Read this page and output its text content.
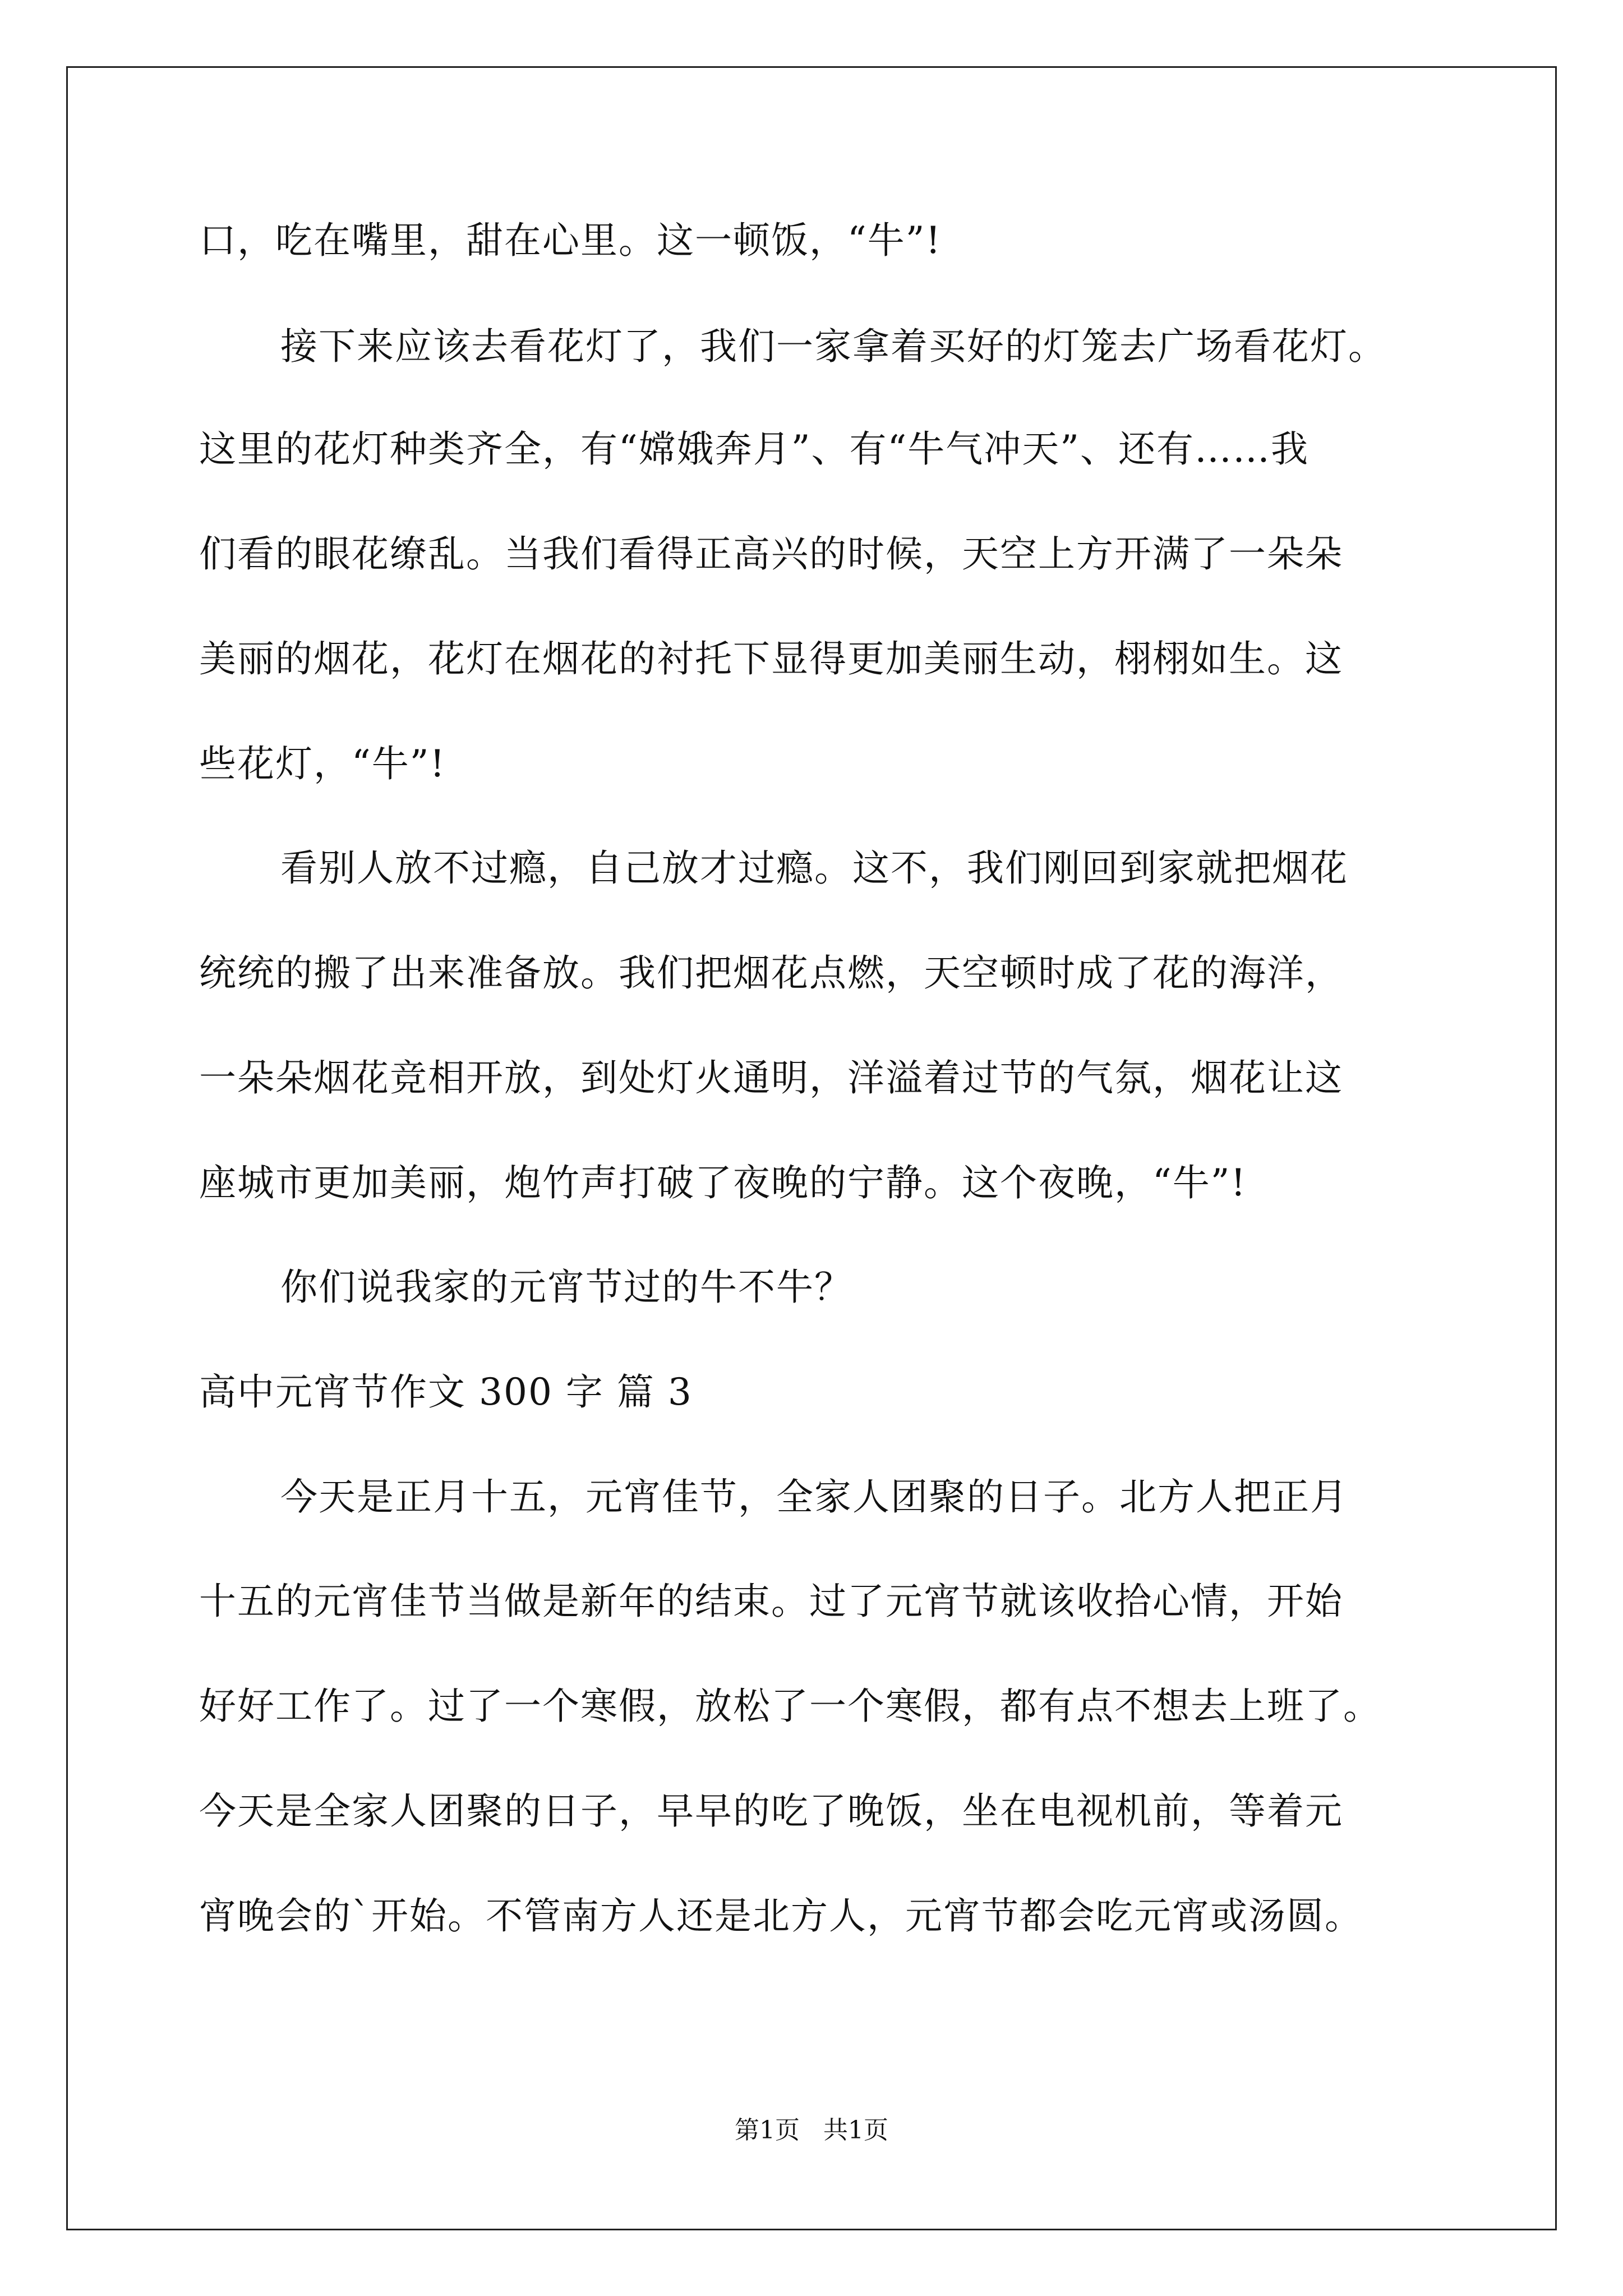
口，吃在嘴里，甜在心里。这一顿饭，“牛”!
接下来应该去看花灯了，我们一家拿着买好的灯笼去广场看花灯。
这里的花灯种类齐全，有“嫦娥奔月”、有“牛气冲天”、还有……我
们看的眼花缭乱。当我们看得正高兴的时候，天空上方开满了一朵朵
美丽的烟花，花灯在烟花的衬托下显得更加美丽生动，栩栩如生。这
些花灯，“牛”!
看别人放不过瘾，自己放才过瘾。这不，我们刚回到家就把烟花
统统的搬了出来准备放。我们把烟花点燃，天空顿时成了花的海洋，
一朵朵烟花竞相开放，到处灯火通明，洋溢着过节的气氛，烟花让这
座城市更加美丽，炮竹声打破了夜晚的宁静。这个夜晚，“牛”!
你们说我家的元宵节过的牛不牛？
高中元宵节作文 300 字 篇 3
今天是正月十五，元宵佳节，全家人团聚的日子。北方人把正月
十五的元宵佳节当做是新年的结束。过了元宵节就该收拾心情，开始
好好工作了。过了一个寒假，放松了一个寒假，都有点不想去上班了。
今天是全家人团聚的日子，早早的吃了晚饭，坐在电视机前，等着元
宵晚会的`开始。不管南方人还是北方人，元宵节都会吃元宵或汤圆。
第1页   共1页
